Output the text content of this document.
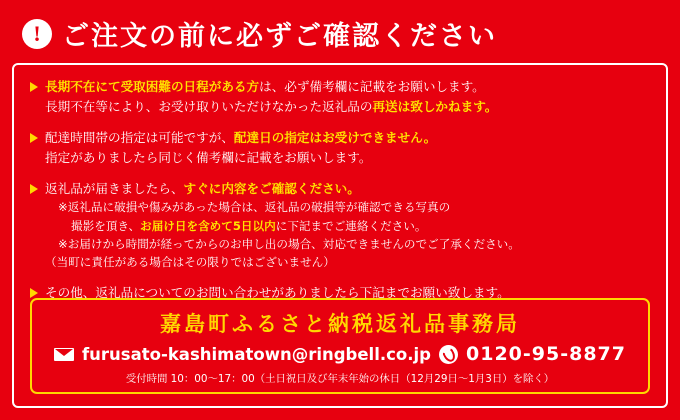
! ご注文の前に必ずご確認ください
長期不在にて受取困難の日程がある方は、必ず備考欄に記載をお願いします。
長期不在等により、お受け取りいただけなかった返礼品の再送は致しかねます。
配達時間帯の指定は可能ですが、配達日の指定はお受けできません。
指定がありましたら同じく備考欄に記載をお願いします。
返礼品が届きましたら、すぐに内容をご確認ください。
※返礼品に破損や傷みがあった場合は、返礼品の破損等が確認できる写真の
撮影を頂き、お届け日を含めて5日以内に下記までご連絡ください。
※お届けから時間が経ってからのお申し出の場合、対応できませんのでご了承ください。
（当町に責任がある場合はその限りではございません）
その他、返礼品についてのお問い合わせがありましたら下記までお願い致します。
嘉島町ふるさと納税返礼品事務局
furusato-kashimatown@ringbell.co.jp 0120-95-8877
受付時間 10：00～17：00（土日祝日及び年末年始の休日（12月29日～1月3日）を除く）
